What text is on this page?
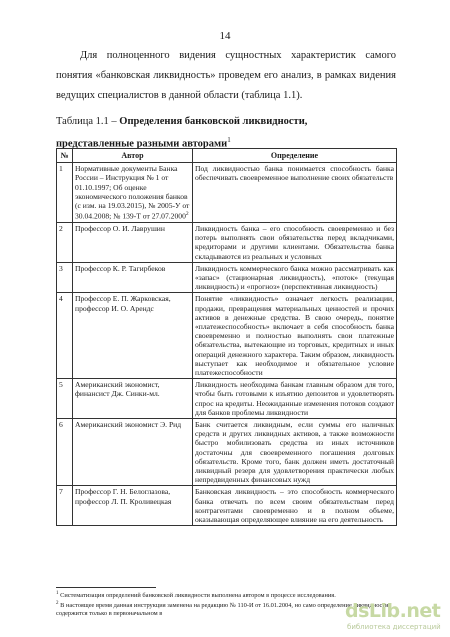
14

Для полноценного видения сущностных характеристик самого понятия «банковская ликвидность» проведем его анализ, в рамках видения ведущих специалистов в данной области (таблица 1.1).

Таблица 1.1 – Определения банковской ликвидности,
представленные разными авторами$^1$

№	Автор	Определение
1	Нормативные документы Банка России – Инструкция № 1 от 01.10.1997; Об оценке экономического положения банков (с изм. на 19.03.2015), № 2005-У от 30.04.2008; № 139-Т от 27.07.2000$^2$	Под ликвидностью банка понимается способность банка обеспечивать своевременное выполнение своих обязательств
2	Профессор О. И. Лаврушин	Ликвидность банка – его способность своевременно и без потерь выполнять свои обязательства перед вкладчиками, кредиторами и другими клиентами. Обязательства банка складываются из реальных и условных
3	Профессор К. Р. Тагирбеков	Ликвидность коммерческого банка можно рассматривать как «запас» (стационарная ликвидность), «поток» (текущая ликвидность) и «прогноз» (перспективная ликвидность)
4	Профессор Е. П. Жарковская, профессор И. О. Арендс	Понятие «ликвидность» означает легкость реализации, продажи, превращения материальных ценностей и прочих активов в денежные средства. В свою очередь, понятие «платежеспособность» включает в себя способность банка своевременно и полностью выполнять свои платежные обязательства, вытекающие из торговых, кредитных и иных операций денежного характера. Таким образом, ликвидность выступает как необходимое и обязательное условие платежеспособности
5	Американский экономист, финансист Дж. Синки-мл.	Ликвидность необходима банкам главным образом для того, чтобы быть готовыми к изъятию депозитов и удовлетворять спрос на кредиты. Неожиданные изменения потоков создают для банков проблемы ликвидности
6	Американский экономист Э. Рид	Банк считается ликвидным, если суммы его наличных средств и других ликвидных активов, а также возможности быстро мобилизовать средства из иных источников достаточны для своевременного погашения долговых обязательств. Кроме того, банк должен иметь достаточный ликвидный резерв для удовлетворения практически любых непредвиденных финансовых нужд
7	Профессор Г. Н. Белоглазова, профессор Л. П. Кроливецкая	Банковская ликвидность – это способность коммерческого банка отвечать по всем своим обязательствам перед контрагентами своевременно и в полном объеме, оказывающая определяющее влияние на его деятельность

$^1$ Систематизация определений банковской ликвидности выполнена автором в процессе исследования.

$^2$ В настоящее время данная инструкция заменена на редакцию № 110-И от 16.01.2004, но само определение ликвидности содержится только в первоначальном в	dsLib.net
библиотека диссертаций
